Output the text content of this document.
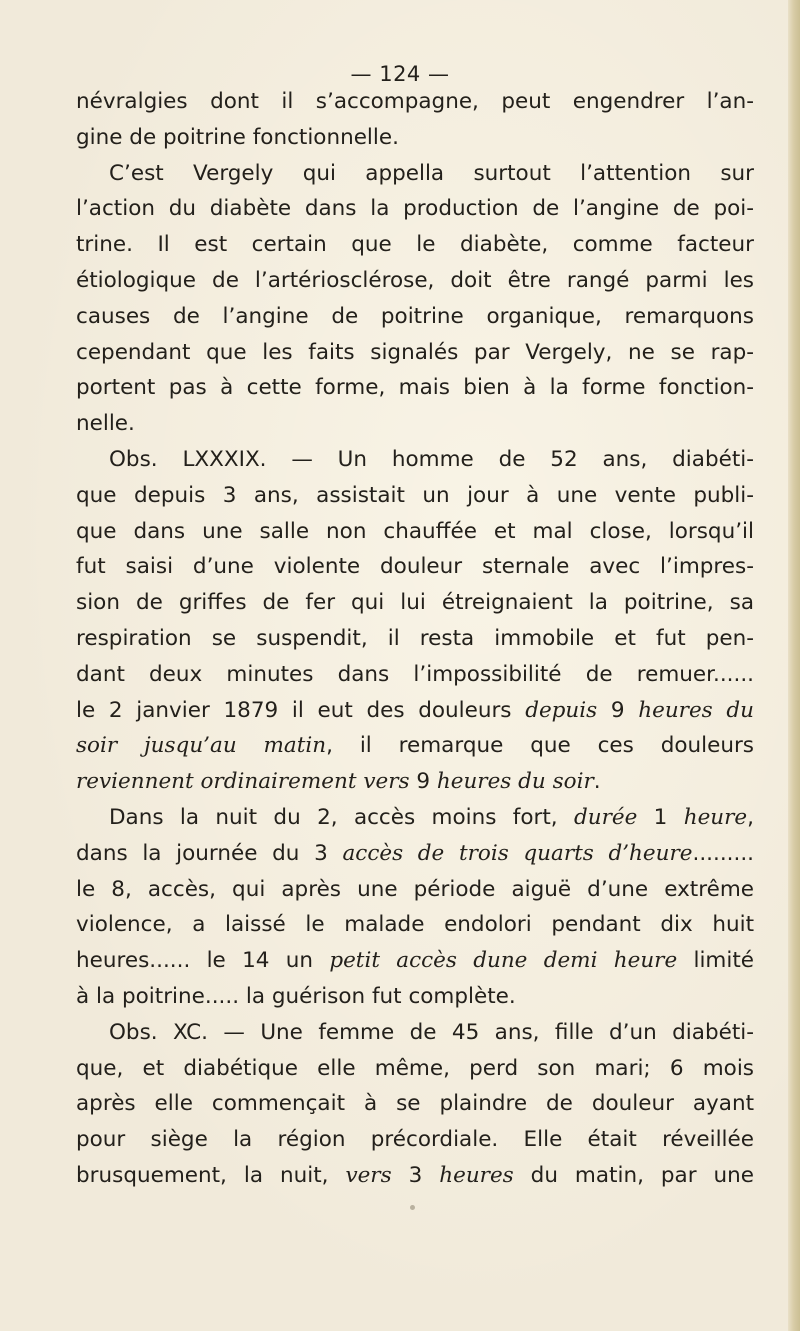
— 124 —
névralgies dont il s’accompagne, peut engendrer l’an-
gine de poitrine fonctionnelle.
C’est Vergely qui appella surtout l’attention sur
l’action du diabète dans la production de l’angine de poi-
trine. Il est certain que le diabète, comme facteur
étiologique de l’artériosclérose, doit être rangé parmi les
causes de l’angine de poitrine organique, remarquons
cependant que les faits signalés par Vergely, ne se rap-
portent pas à cette forme, mais bien à la forme fonction-
nelle.
Obs. LXXXIX. — Un homme de 52 ans, diabéti-
que depuis 3 ans, assistait un jour à une vente publi-
que dans une salle non chauffée et mal close, lorsqu’il
fut saisi d’une violente douleur sternale avec l’impres-
sion de griffes de fer qui lui étreignaient la poitrine, sa
respiration se suspendit, il resta immobile et fut pen-
dant deux minutes dans l’impossibilité de remuer......
le 2 janvier 1879 il eut des douleurs depuis 9 heures du
soir jusqu’au matin, il remarque que ces douleurs
reviennent ordinairement vers 9 heures du soir.
Dans la nuit du 2, accès moins fort, durée 1 heure,
dans la journée du 3 accès de trois quarts d’heure.........
le 8, accès, qui après une période aiguë d’une extrême
violence, a laissé le malade endolori pendant dix huit
heures...... le 14 un petit accès dune demi heure limité
à la poitrine..... la guérison fut complète.
Obs. XC. — Une femme de 45 ans, fille d’un diabéti-
que, et diabétique elle même, perd son mari; 6 mois
après elle commençait à se plaindre de douleur ayant
pour siège la région précordiale. Elle était réveillée
brusquement, la nuit, vers 3 heures du matin, par une
